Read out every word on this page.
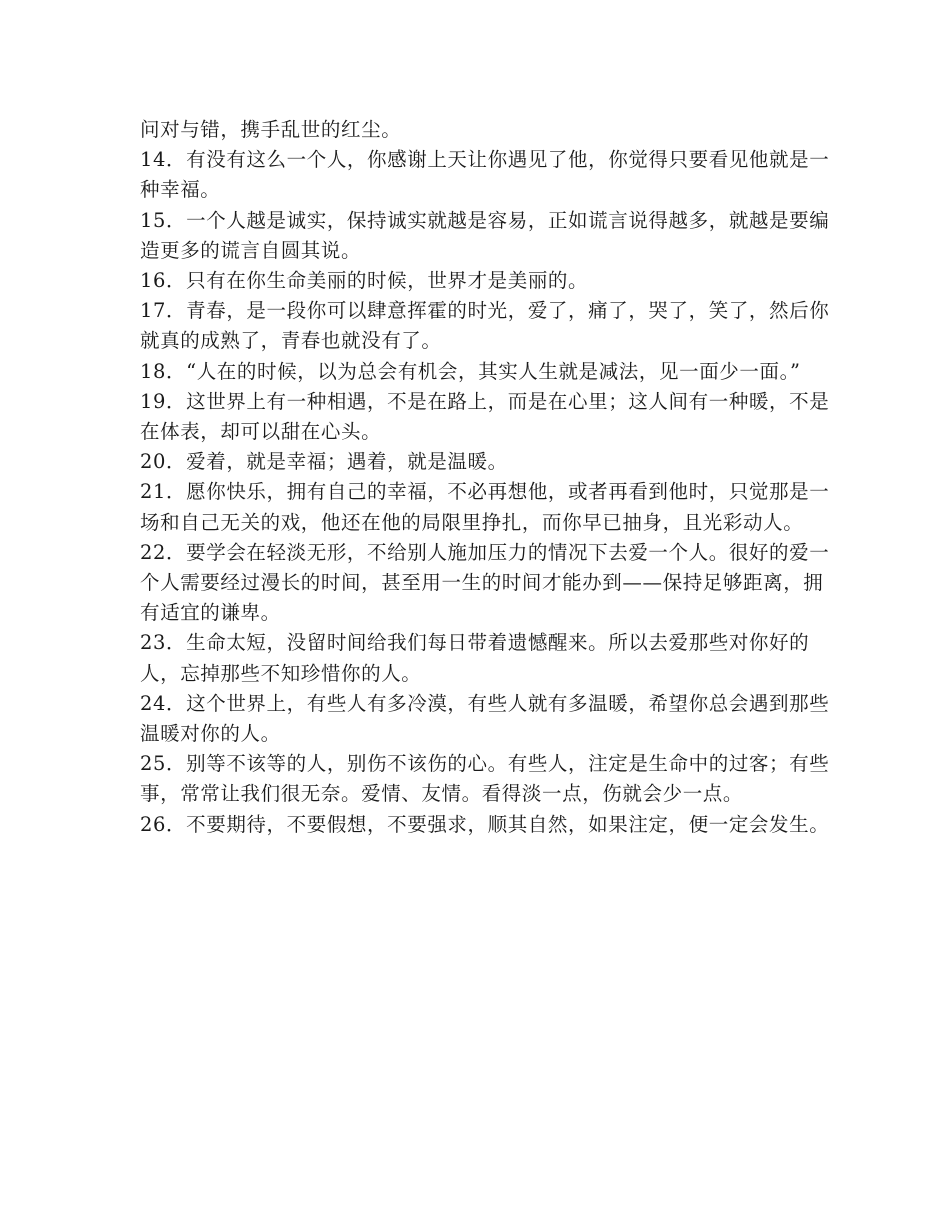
问对与错，携手乱世的红尘。

14．有没有这么一个人，你感谢上天让你遇见了他，你觉得只要看见他就是一种幸福。

15．一个人越是诚实，保持诚实就越是容易，正如谎言说得越多，就越是要编造更多的谎言自圆其说。

16．只有在你生命美丽的时候，世界才是美丽的。

17．青春，是一段你可以肆意挥霍的时光，爱了，痛了，哭了，笑了，然后你就真的成熟了，青春也就没有了。

18．“人在的时候，以为总会有机会，其实人生就是减法，见一面少一面。”

19．这世界上有一种相遇，不是在路上，而是在心里；这人间有一种暖，不是在体表，却可以甜在心头。

20．爱着，就是幸福；遇着，就是温暖。

21．愿你快乐，拥有自己的幸福，不必再想他，或者再看到他时，只觉那是一场和自己无关的戏，他还在他的局限里挣扎，而你早已抽身，且光彩动人。

22．要学会在轻淡无形，不给别人施加压力的情况下去爱一个人。很好的爱一个人需要经过漫长的时间，甚至用一生的时间才能办到——保持足够距离，拥有适宜的谦卑。

23．生命太短，没留时间给我们每日带着遗憾醒来。所以去爱那些对你好的人，忘掉那些不知珍惜你的人。

24．这个世界上，有些人有多冷漠，有些人就有多温暖，希望你总会遇到那些温暖对你的人。

25．别等不该等的人，别伤不该伤的心。有些人，注定是生命中的过客；有些事，常常让我们很无奈。爱情、友情。看得淡一点，伤就会少一点。

26．不要期待，不要假想，不要强求，顺其自然，如果注定，便一定会发生。
